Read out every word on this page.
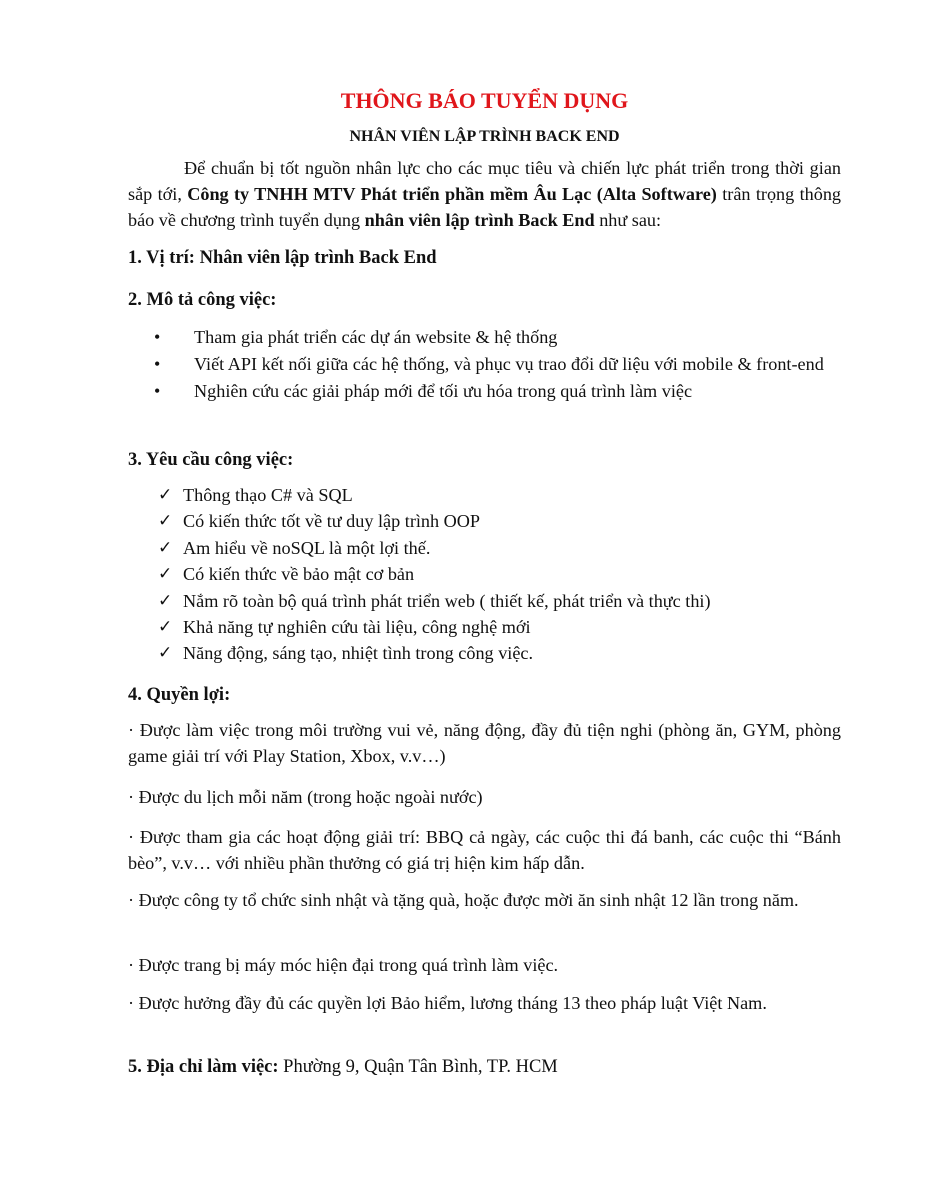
THÔNG BÁO TUYỂN DỤNG
NHÂN VIÊN LẬP TRÌNH BACK END

Để chuẩn bị tốt nguồn nhân lực cho các mục tiêu và chiến lực phát triển trong thời gian sắp tới, Công ty TNHH MTV Phát triển phần mềm Âu Lạc (Alta Software) trân trọng thông báo về chương trình tuyển dụng nhân viên lập trình Back End như sau:

1. Vị trí: Nhân viên lập trình Back End
2. Mô tả công việc:
• Tham gia phát triển các dự án website & hệ thống
• Viết API kết nối giữa các hệ thống, và phục vụ trao đổi dữ liệu với mobile & front-end
• Nghiên cứu các giải pháp mới để tối ưu hóa trong quá trình làm việc
3. Yêu cầu công việc:
✓ Thông thạo C# và SQL
✓ Có kiến thức tốt về tư duy lập trình OOP
✓ Am hiểu về noSQL là một lợi thế.
✓ Có kiến thức về bảo mật cơ bản
✓ Nắm rõ toàn bộ quá trình phát triển web ( thiết kế, phát triển và thực thi)
✓ Khả năng tự nghiên cứu tài liệu, công nghệ mới
✓ Năng động, sáng tạo, nhiệt tình trong công việc.
4. Quyền lợi:

· Được làm việc trong môi trường vui vẻ, năng động, đầy đủ tiện nghi (phòng ăn, GYM, phòng game giải trí với Play Station, Xbox, v.v…)

· Được du lịch mỗi năm (trong hoặc ngoài nước)

· Được tham gia các hoạt động giải trí: BBQ cả ngày, các cuộc thi đá banh, các cuộc thi “Bánh bèo”, v.v… với nhiều phần thưởng có giá trị hiện kim hấp dẫn.

· Được công ty tổ chức sinh nhật và tặng quà, hoặc được mời ăn sinh nhật 12 lần trong năm.

· Được trang bị máy móc hiện đại trong quá trình làm việc.

· Được hưởng đầy đủ các quyền lợi Bảo hiểm, lương tháng 13 theo pháp luật Việt Nam.

5. Địa chỉ làm việc: Phường 9, Quận Tân Bình, TP. HCM
